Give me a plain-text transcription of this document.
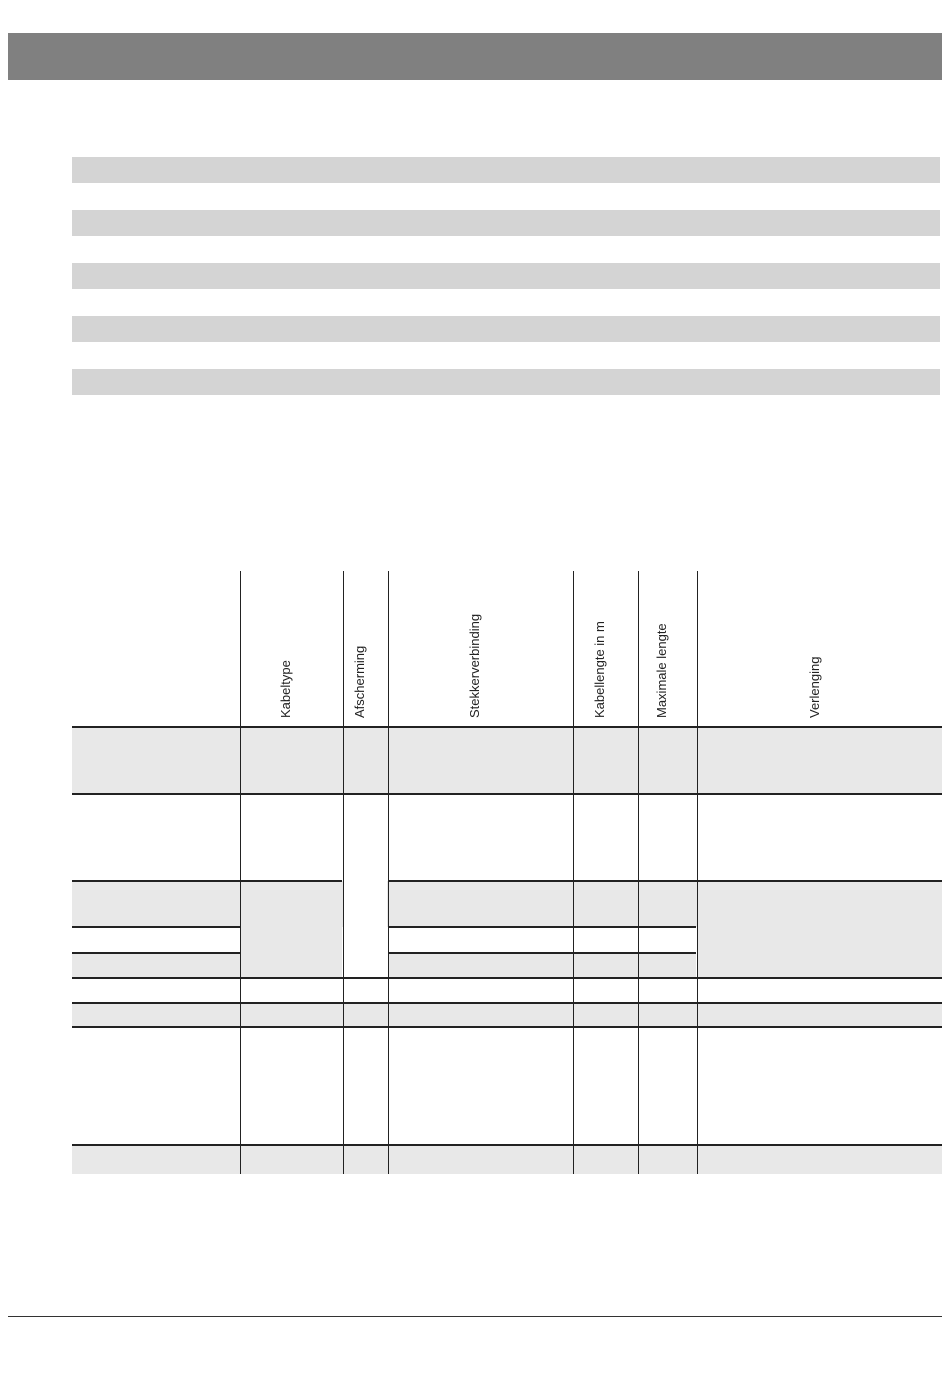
Kabeltype	Afscherming	Stekkerverbinding	Kabellengte in m	Maximale lengte	Verlenging
